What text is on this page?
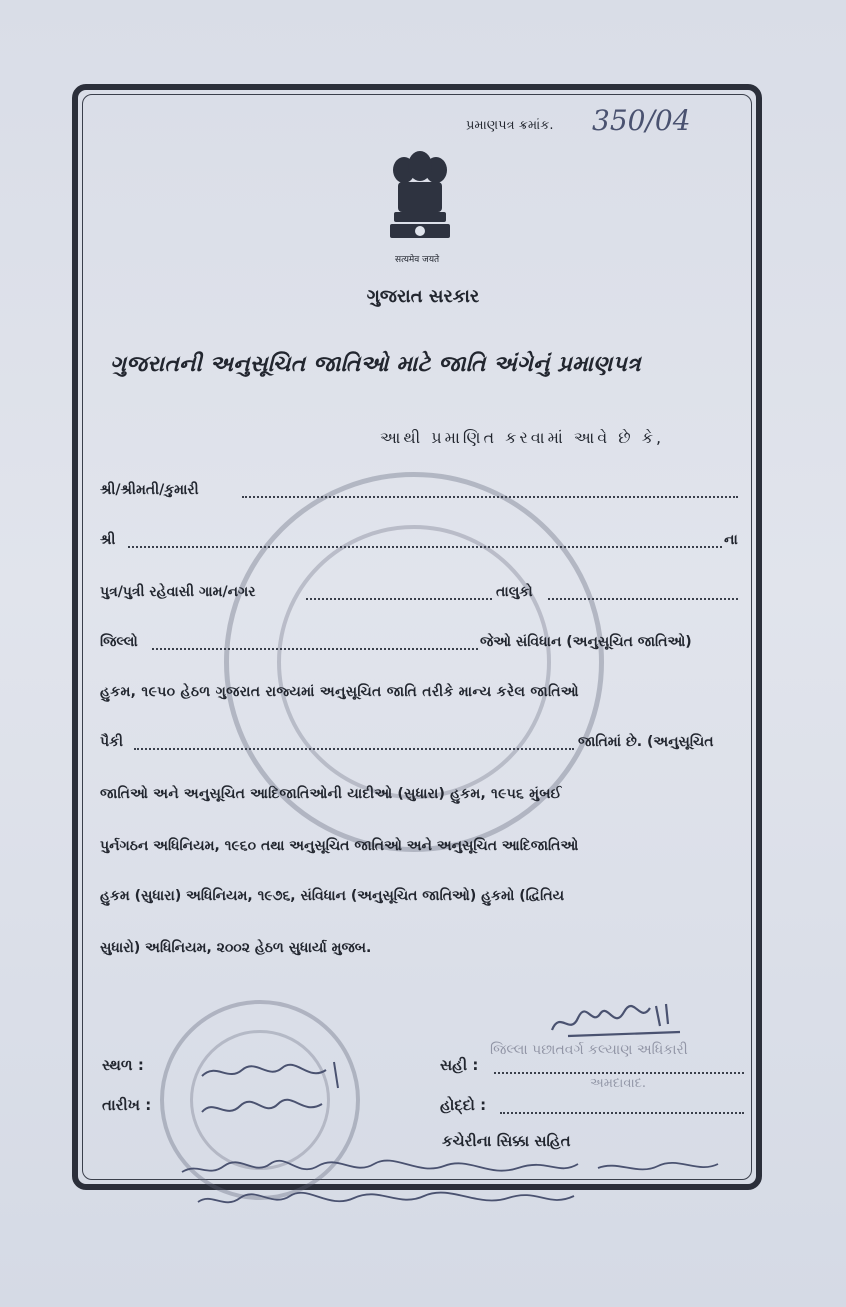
પ્રમાણપત્ર ક્રમાંક. 350/04
सत्यमेव जयते
ગુજરાત સરકાર
ગુજરાતની અનુસૂચિત જાતિઓ માટે જાતિ અંગેનું પ્રમાણપત્ર
આથી પ્રમાણિત કરવામાં આવે છે કે,
શ્રી/શ્રીમતી/કુમારી
શ્રી	ના
પુત્ર/પુત્રી રહેવાસી ગામ/નગર	તાલુકો
જિલ્લો	જેઓ સંવિધાન (અનુસૂચિત જાતિઓ)
હુકમ, ૧૯૫૦ હેઠળ ગુજરાત રાજ્યમાં અનુસૂચિત જાતિ તરીકે માન્ય કરેલ જાતિઓ
પૈકી	જાતિમાં છે. (અનુસૂચિત
જાતિઓ અને અનુસૂચિત આદિજાતિઓની યાદીઓ (સુધારા) હુકમ, ૧૯૫૬ મુંબઈ
પુર્નગઠન અધિનિયમ, ૧૯૬૦ તથા અનુસૂચિત જાતિઓ અને અનુસૂચિત આદિજાતિઓ
હુકમ (સુધારા) અધિનિયમ, ૧૯૭૬, સંવિધાન (અનુસૂચિત જાતિઓ) હુકમો (દ્વિતિય
સુધારો) અધિનિયમ, ૨૦૦૨ હેઠળ સુધાર્યા મુજબ.
જિલ્લા પછાતવર્ગ કલ્યાણ અધિકારી
અમદાવાદ.
સ્થળ :
તારીખ :
સહી :
હોદ્દો :
કચેરીના સિક્કા સહિત
